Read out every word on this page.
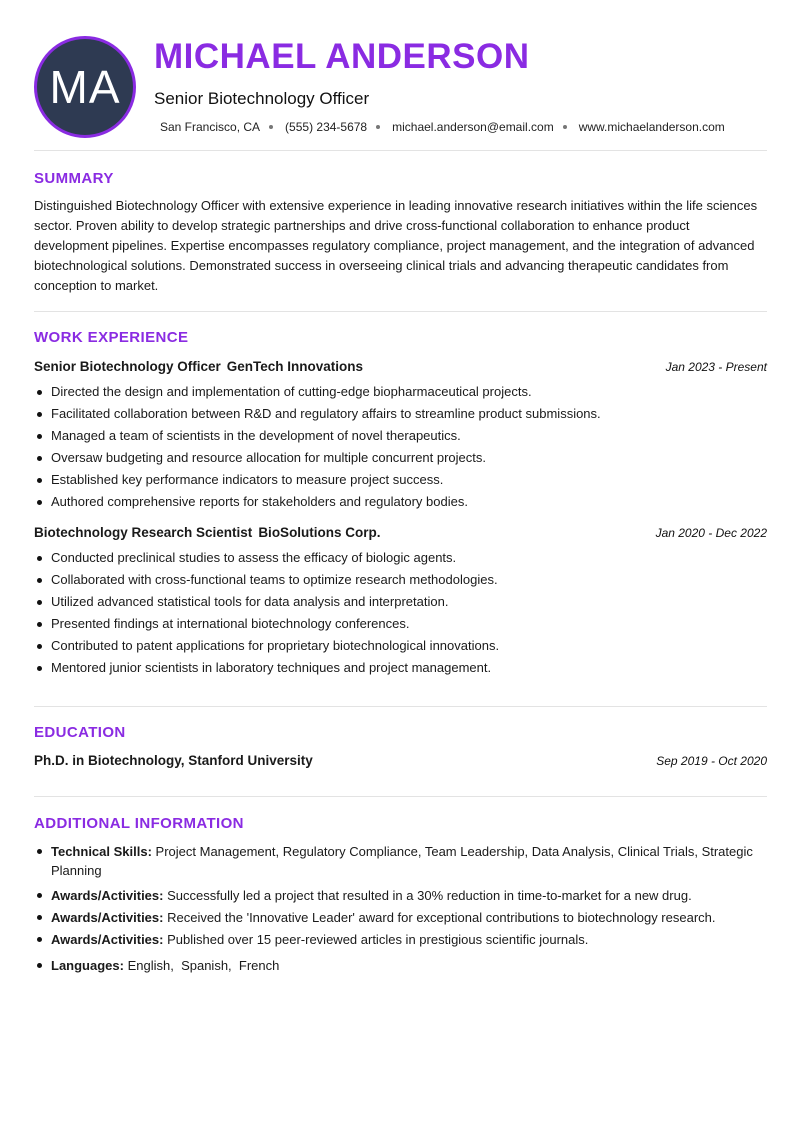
MA
MICHAEL ANDERSON
Senior Biotechnology Officer
San Francisco, CA (555) 234-5678 michael.anderson@email.com www.michaelanderson.com
SUMMARY
Distinguished Biotechnology Officer with extensive experience in leading innovative research initiatives within the life sciences sector. Proven ability to develop strategic partnerships and drive cross-functional collaboration to enhance product development pipelines. Expertise encompasses regulatory compliance, project management, and the integration of advanced biotechnological solutions. Demonstrated success in overseeing clinical trials and advancing therapeutic candidates from conception to market.
WORK EXPERIENCE
Senior Biotechnology Officer GenTech Innovations	Jan 2023 - Present
Directed the design and implementation of cutting-edge biopharmaceutical projects.
Facilitated collaboration between R&D and regulatory affairs to streamline product submissions.
Managed a team of scientists in the development of novel therapeutics.
Oversaw budgeting and resource allocation for multiple concurrent projects.
Established key performance indicators to measure project success.
Authored comprehensive reports for stakeholders and regulatory bodies.
Biotechnology Research Scientist BioSolutions Corp.	Jan 2020 - Dec 2022
Conducted preclinical studies to assess the efficacy of biologic agents.
Collaborated with cross-functional teams to optimize research methodologies.
Utilized advanced statistical tools for data analysis and interpretation.
Presented findings at international biotechnology conferences.
Contributed to patent applications for proprietary biotechnological innovations.
Mentored junior scientists in laboratory techniques and project management.
EDUCATION
Ph.D. in Biotechnology, Stanford University	Sep 2019 - Oct 2020
ADDITIONAL INFORMATION
Technical Skills: Project Management, Regulatory Compliance, Team Leadership, Data Analysis, Clinical Trials, Strategic Planning
Awards/Activities: Successfully led a project that resulted in a 30% reduction in time-to-market for a new drug.
Awards/Activities: Received the 'Innovative Leader' award for exceptional contributions to biotechnology research.
Awards/Activities: Published over 15 peer-reviewed articles in prestigious scientific journals.
Languages: English,  Spanish,  French
